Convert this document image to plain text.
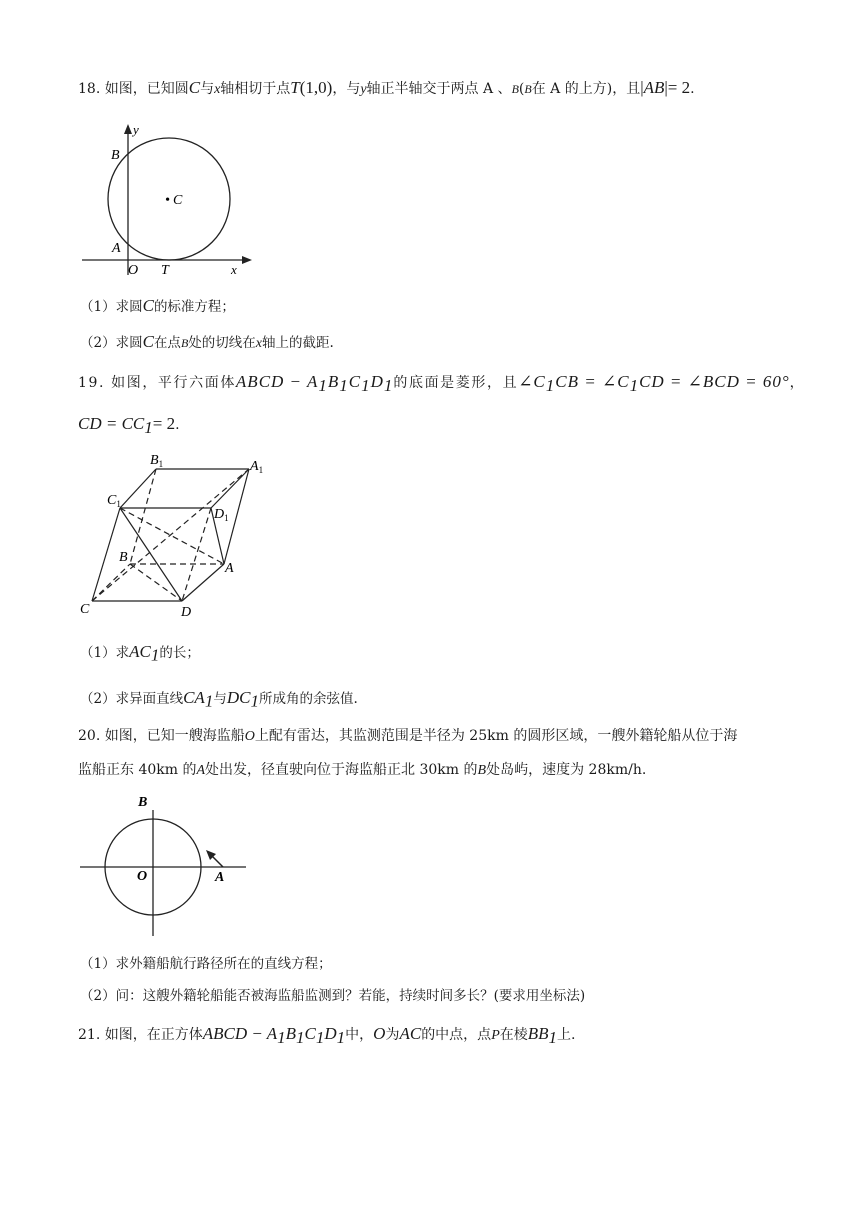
18. 如图，已知圆C与x轴相切于点T(1,0)，与y轴正半轴交于两点 A 、B(B在 A 的上方)，且|AB|= 2.
y
B
• C
A
O T	x
（1）求圆C的标准方程；
（2）求圆C在点B处的切线在x轴上的截距.
19. 如图，平行六面体ABCD − $A_1B_1C_1D_1$的底面是菱形，且$\angle C_1CB$ = $\angle C_1CD$ = ∠BCD = 60°，
CD = $CC_1= 2$.
$B_1$	$A_1$
$C_1$
$D_1$
B
A
C	D
（1）求$AC_1$的长；
（2）求异面直线$CA_1$与$DC_1$所成角的余弦值.
20. 如图，已知一艘海监船O上配有雷达，其监测范围是半径为 25km 的圆形区域，一艘外籍轮船从位于海
监船正东 40km 的A处出发，径直驶向位于海监船正北 30km 的B处岛屿，速度为 28km/h.
B
O	A
（1）求外籍船航行路径所在的直线方程；
（2）问：这艘外籍轮船能否被海监船监测到？若能，持续时间多长？(要求用坐标法)
21. 如图，在正方体ABCD − $A_1B_1C_1D_1$中，O为AC的中点，点P在棱$BB_1$上.
